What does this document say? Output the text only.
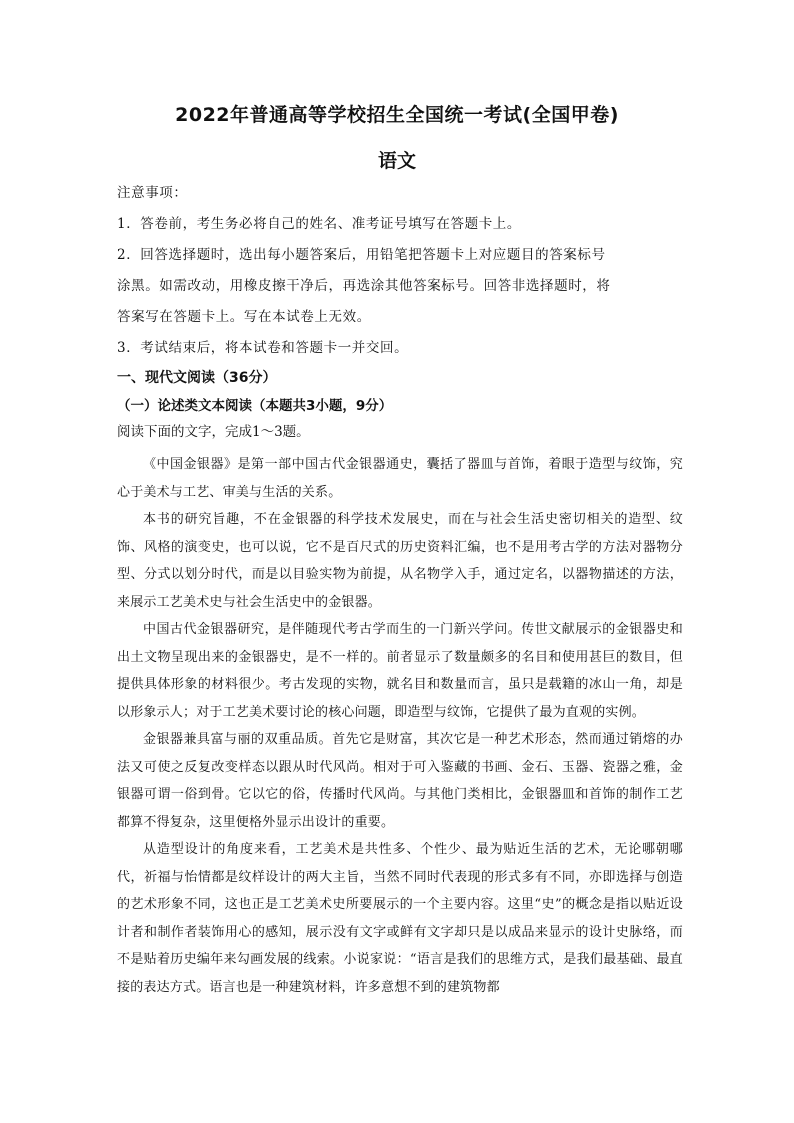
2022年普通高等学校招生全国统一考试(全国甲卷)
语文
注意事项：
1．答卷前，考生务必将自己的姓名、准考证号填写在答题卡上。
2．回答选择题时，选出每小题答案后，用铅笔把答题卡上对应题目的答案标号
涂黑。如需改动，用橡皮擦干净后，再选涂其他答案标号。回答非选择题时，将
答案写在答题卡上。写在本试卷上无效。
3．考试结束后，将本试卷和答题卡一并交回。
一、现代文阅读（36分）
（一）论述类文本阅读（本题共3小题，9分）
阅读下面的文字，完成1～3题。

《中国金银器》是第一部中国古代金银器通史，囊括了器皿与首饰，着眼于造型与纹饰，究心于美术与工艺、审美与生活的关系。

本书的研究旨趣，不在金银器的科学技术发展史，而在与社会生活史密切相关的造型、纹饰、风格的演变史，也可以说，它不是百尺式的历史资料汇编，也不是用考古学的方法对器物分型、分式以划分时代，而是以目验实物为前提，从名物学入手，通过定名，以器物描述的方法，来展示工艺美术史与社会生活史中的金银器。

中国古代金银器研究，是伴随现代考古学而生的一门新兴学问。传世文献展示的金银器史和出土文物呈现出来的金银器史，是不一样的。前者显示了数量颇多的名目和使用甚巨的数目，但提供具体形象的材料很少。考古发现的实物，就名目和数量而言，虽只是载籍的冰山一角，却是以形象示人；对于工艺美术要讨论的核心问题，即造型与纹饰，它提供了最为直观的实例。

金银器兼具富与丽的双重品质。首先它是财富，其次它是一种艺术形态，然而通过销熔的办法又可使之反复改变样态以跟从时代风尚。相对于可入鉴藏的书画、金石、玉器、瓷器之雅，金银器可谓一俗到骨。它以它的俗，传播时代风尚。与其他门类相比，金银器皿和首饰的制作工艺都算不得复杂，这里便格外显示出设计的重要。

从造型设计的角度来看，工艺美术是共性多、个性少、最为贴近生活的艺术，无论哪朝哪代，祈福与怡情都是纹样设计的两大主旨，当然不同时代表现的形式多有不同，亦即选择与创造的艺术形象不同，这也正是工艺美术史所要展示的一个主要内容。这里“史”的概念是指以贴近设计者和制作者装饰用心的感知，展示没有文字或鲜有文字却只是以成品来显示的设计史脉络，而不是贴着历史编年来勾画发展的线索。小说家说：“语言是我们的思维方式，是我们最基础、最直接的表达方式。语言也是一种建筑材料，许多意想不到的建筑物都
